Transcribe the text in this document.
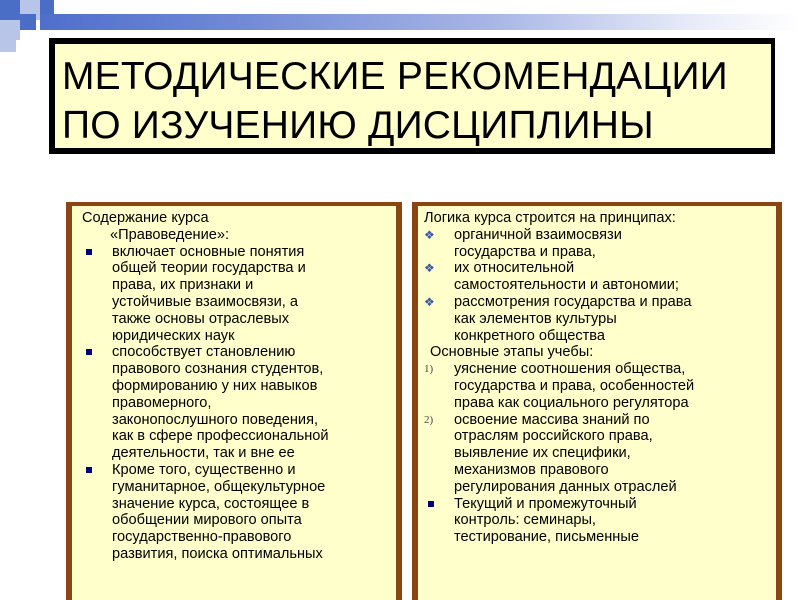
МЕТОДИЧЕСКИЕ РЕКОМЕНДАЦИИ
ПО ИЗУЧЕНИЮ ДИСЦИПЛИНЫ
Содержание курса
«Правоведение»:
включает основные понятия
общей теории государства и
права, их признаки и
устойчивые взаимосвязи, а
также основы отраслевых
юридических наук
способствует становлению
правового сознания студентов,
формированию у них навыков
правомерного,
законопослушного поведения,
как в сфере профессиональной
деятельности, так и вне ее
Кроме того, существенно и
гуманитарное, общекультурное
значение курса, состоящее в
обобщении мирового опыта
государственно-правового
развития, поиска оптимальных
Логика курса строится на принципах:
❖ органичной взаимосвязи
государства и права,
❖ их относительной
самостоятельности и автономии;
❖ рассмотрения государства и права
как элементов культуры
конкретного общества
Основные этапы учебы:
1) уяснение соотношения общества,
государства и права, особенностей
права как социального регулятора
2) освоение массива знаний по
отраслям российского права,
выявление их специфики,
механизмов правового
регулирования данных отраслей
Текущий и промежуточный
контроль: семинары,
тестирование, письменные
